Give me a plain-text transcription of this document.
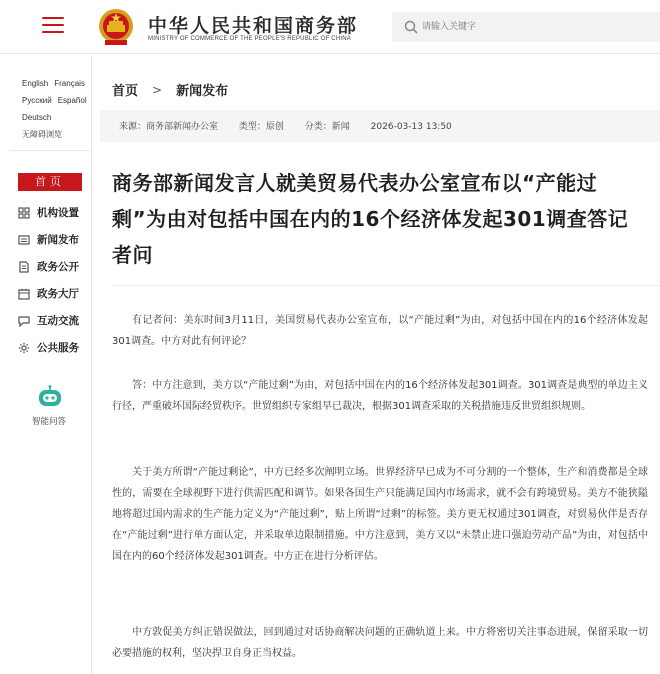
中华人民共和国商务部
MINISTRY OF COMMERCE OF THE PEOPLE'S REPUBLIC OF CHINA
请输入关键字
English Français
Русский Español
Deutsch
无障碍浏览
首页
机构设置
新闻发布
政务公开
政务大厅
互动交流
公共服务
智能问答
首页 > 新闻发布
来源：商务部新闻办公室 类型：原创 分类：新闻 2026-03-13 13:50
商务部新闻发言人就美贸易代表办公室宣布以“产能过剩”为由对包括中国在内的16个经济体发起301调查答记者问

有记者问：美东时间3月11日，美国贸易代表办公室宣布，以“产能过剩”为由，对包括中国在内的16个经济体发起301调查。中方对此有何评论？

答：中方注意到，美方以“产能过剩”为由，对包括中国在内的16个经济体发起301调查。301调查是典型的单边主义行径，严重破坏国际经贸秩序。世贸组织专家组早已裁决，根据301调查采取的关税措施违反世贸组织规则。

关于美方所谓“产能过剩论”，中方已经多次阐明立场。世界经济早已成为不可分割的一个整体，生产和消费都是全球性的，需要在全球视野下进行供需匹配和调节。如果各国生产只能满足国内市场需求，就不会有跨境贸易。美方不能狭隘地将超过国内需求的生产能力定义为“产能过剩”，贴上所谓“过剩”的标签。美方更无权通过301调查，对贸易伙伴是否存在“产能过剩”进行单方面认定，并采取单边限制措施。中方注意到，美方又以“未禁止进口强迫劳动产品”为由，对包括中国在内的60个经济体发起301调查。中方正在进行分析评估。

中方敦促美方纠正错误做法，回到通过对话协商解决问题的正确轨道上来。中方将密切关注事态进展，保留采取一切必要措施的权利，坚决捍卫自身正当权益。
